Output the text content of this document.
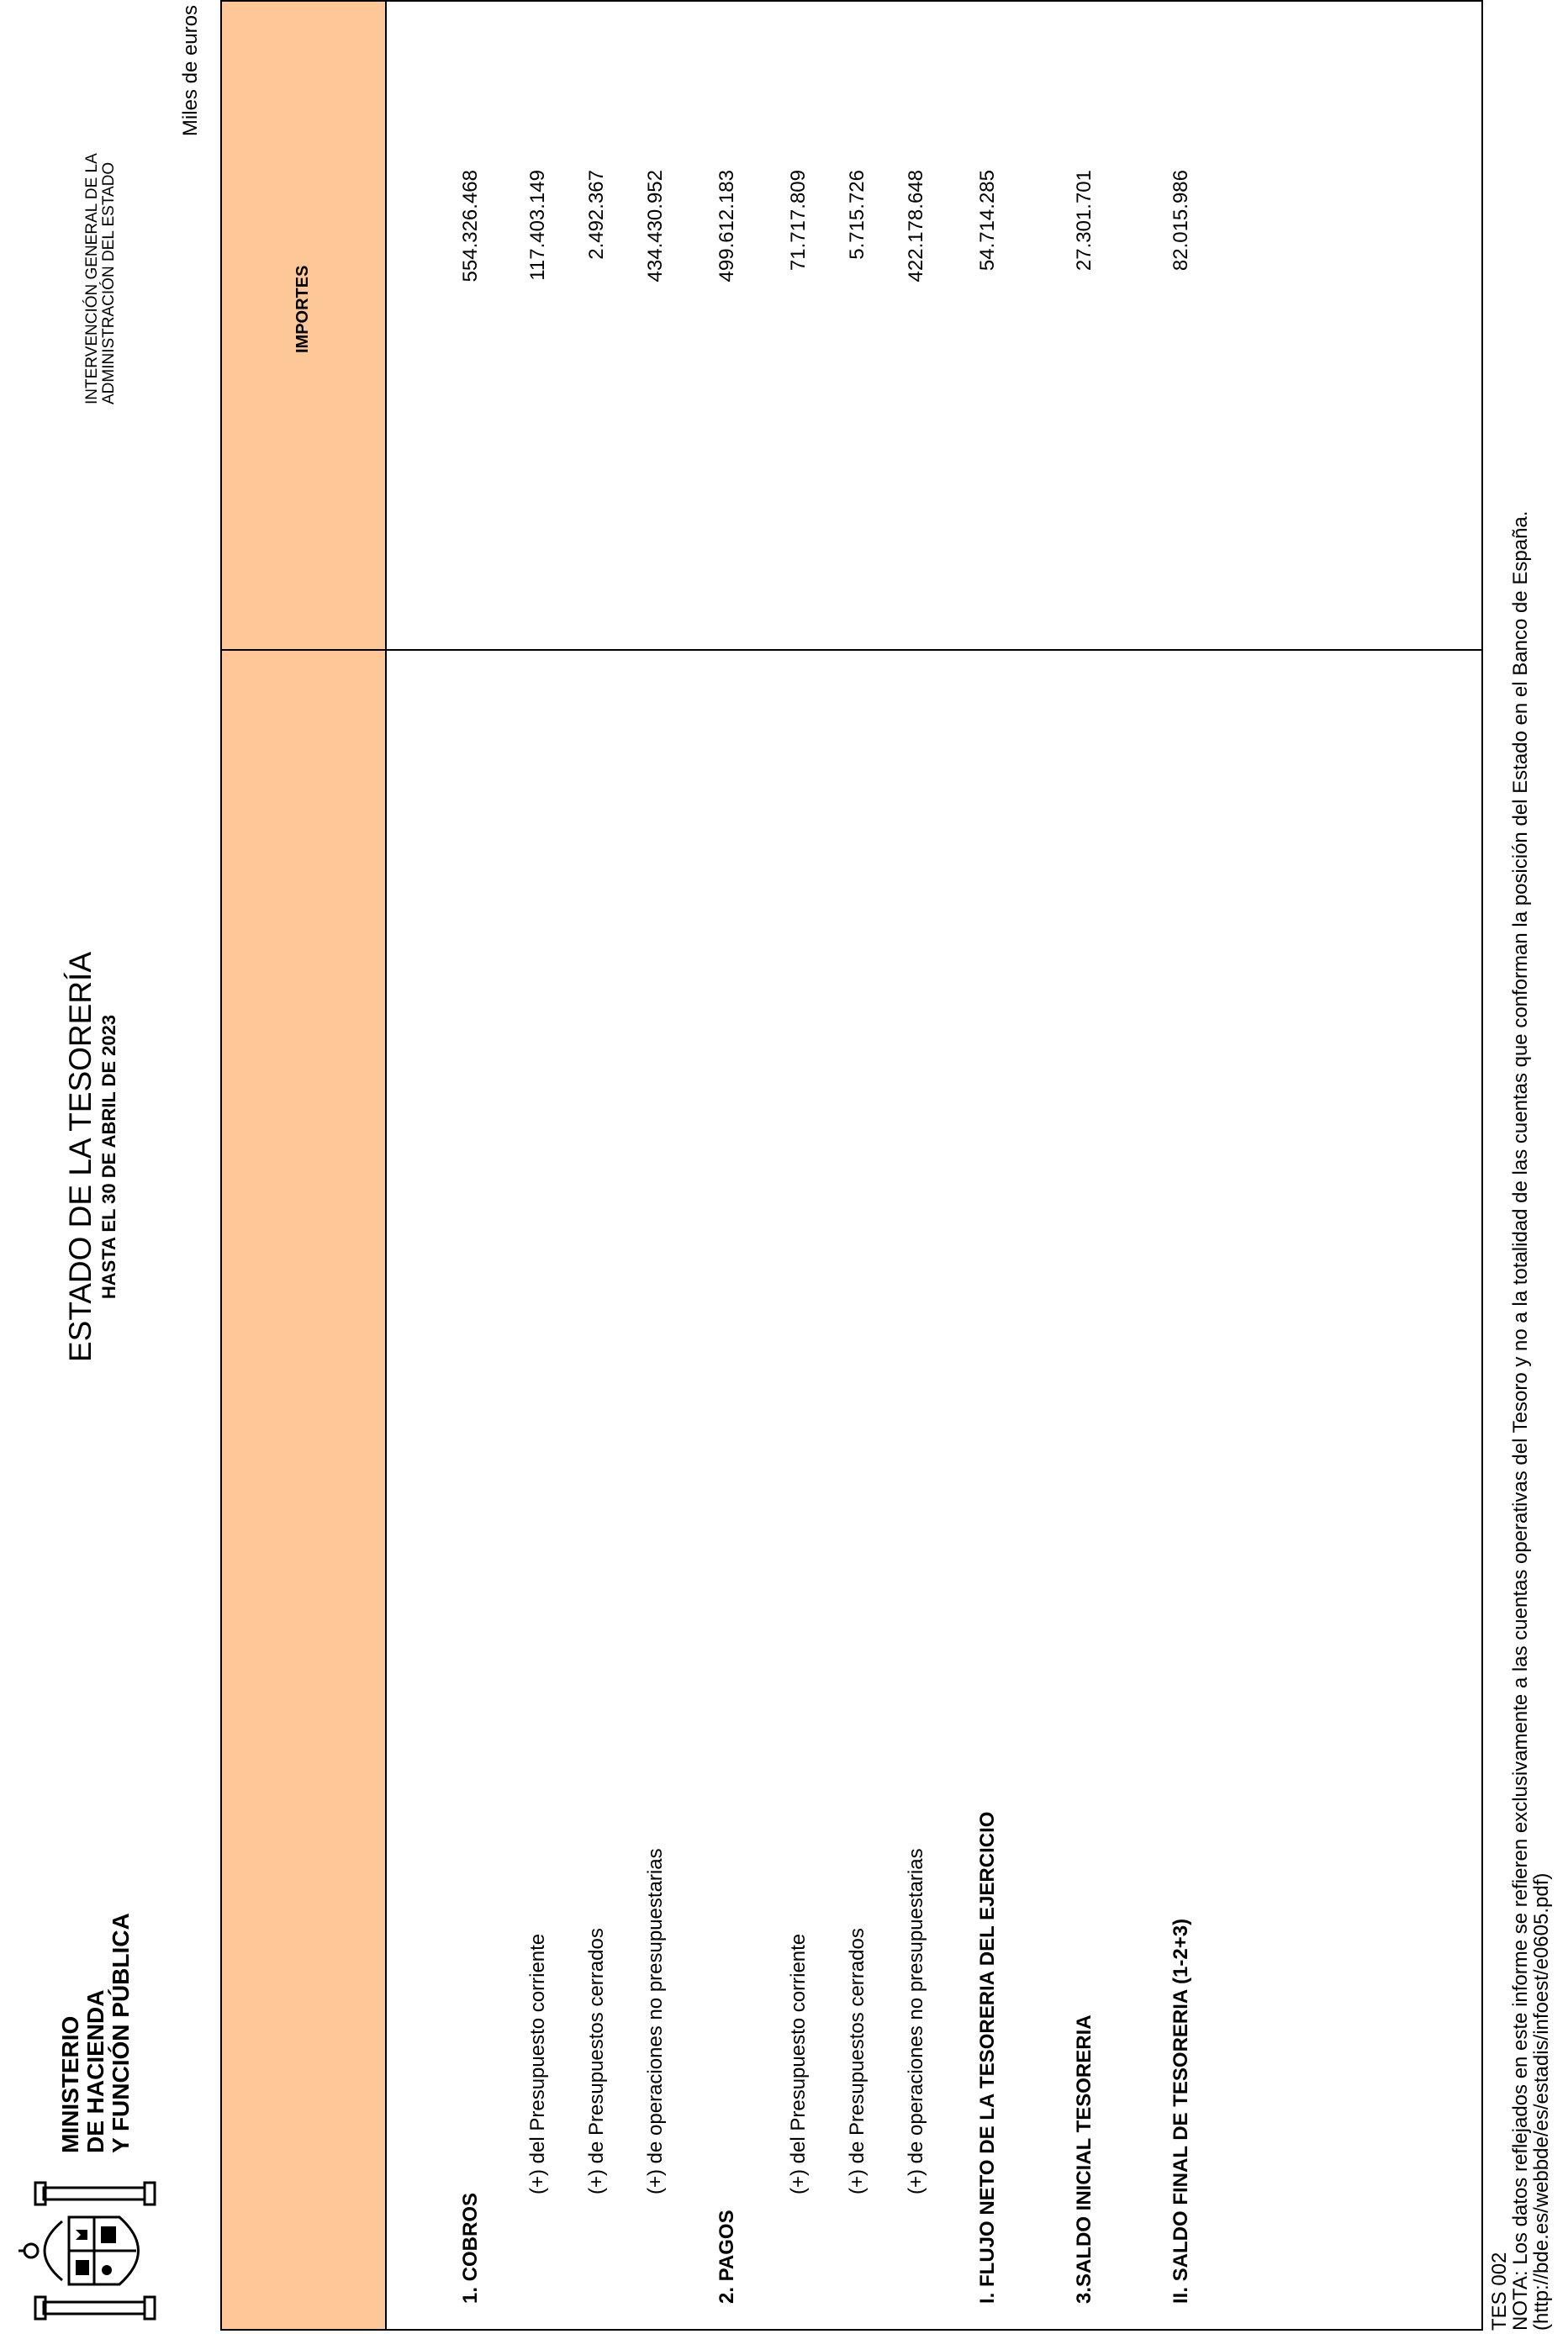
MINISTERIO DE HACIENDA Y FUNCIÓN PÚBLICA
ESTADO DE LA TESORERÍA HASTA EL 30 DE ABRIL DE 2023
INTERVENCIÓN GENERAL DE LA ADMINISTRACIÓN DEL ESTADO
Miles de euros
IMPORTES
1. COBROS
554.326.468
(+) del Presupuesto corriente
117.403.149
(+) de Presupuestos cerrados
2.492.367
(+) de operaciones no presupuestarias
434.430.952
2. PAGOS
499.612.183
(+) del Presupuesto corriente
71.717.809
(+) de Presupuestos cerrados
5.715.726
(+) de operaciones no presupuestarias
422.178.648
I. FLUJO NETO DE LA TESORERIA DEL EJERCICIO
54.714.285
3.SALDO INICIAL TESORERIA
27.301.701
II. SALDO FINAL DE TESORERIA (1-2+3)
82.015.986
TES 002
NOTA: Los datos reflejados en este informe se refieren exclusivamente a las cuentas operativas del Tesoro y no a la totalidad de las cuentas que conforman la posición del Estado en el Banco de España.
(http://bde.es/webbde/es/estadis/infoest/e0605.pdf)
